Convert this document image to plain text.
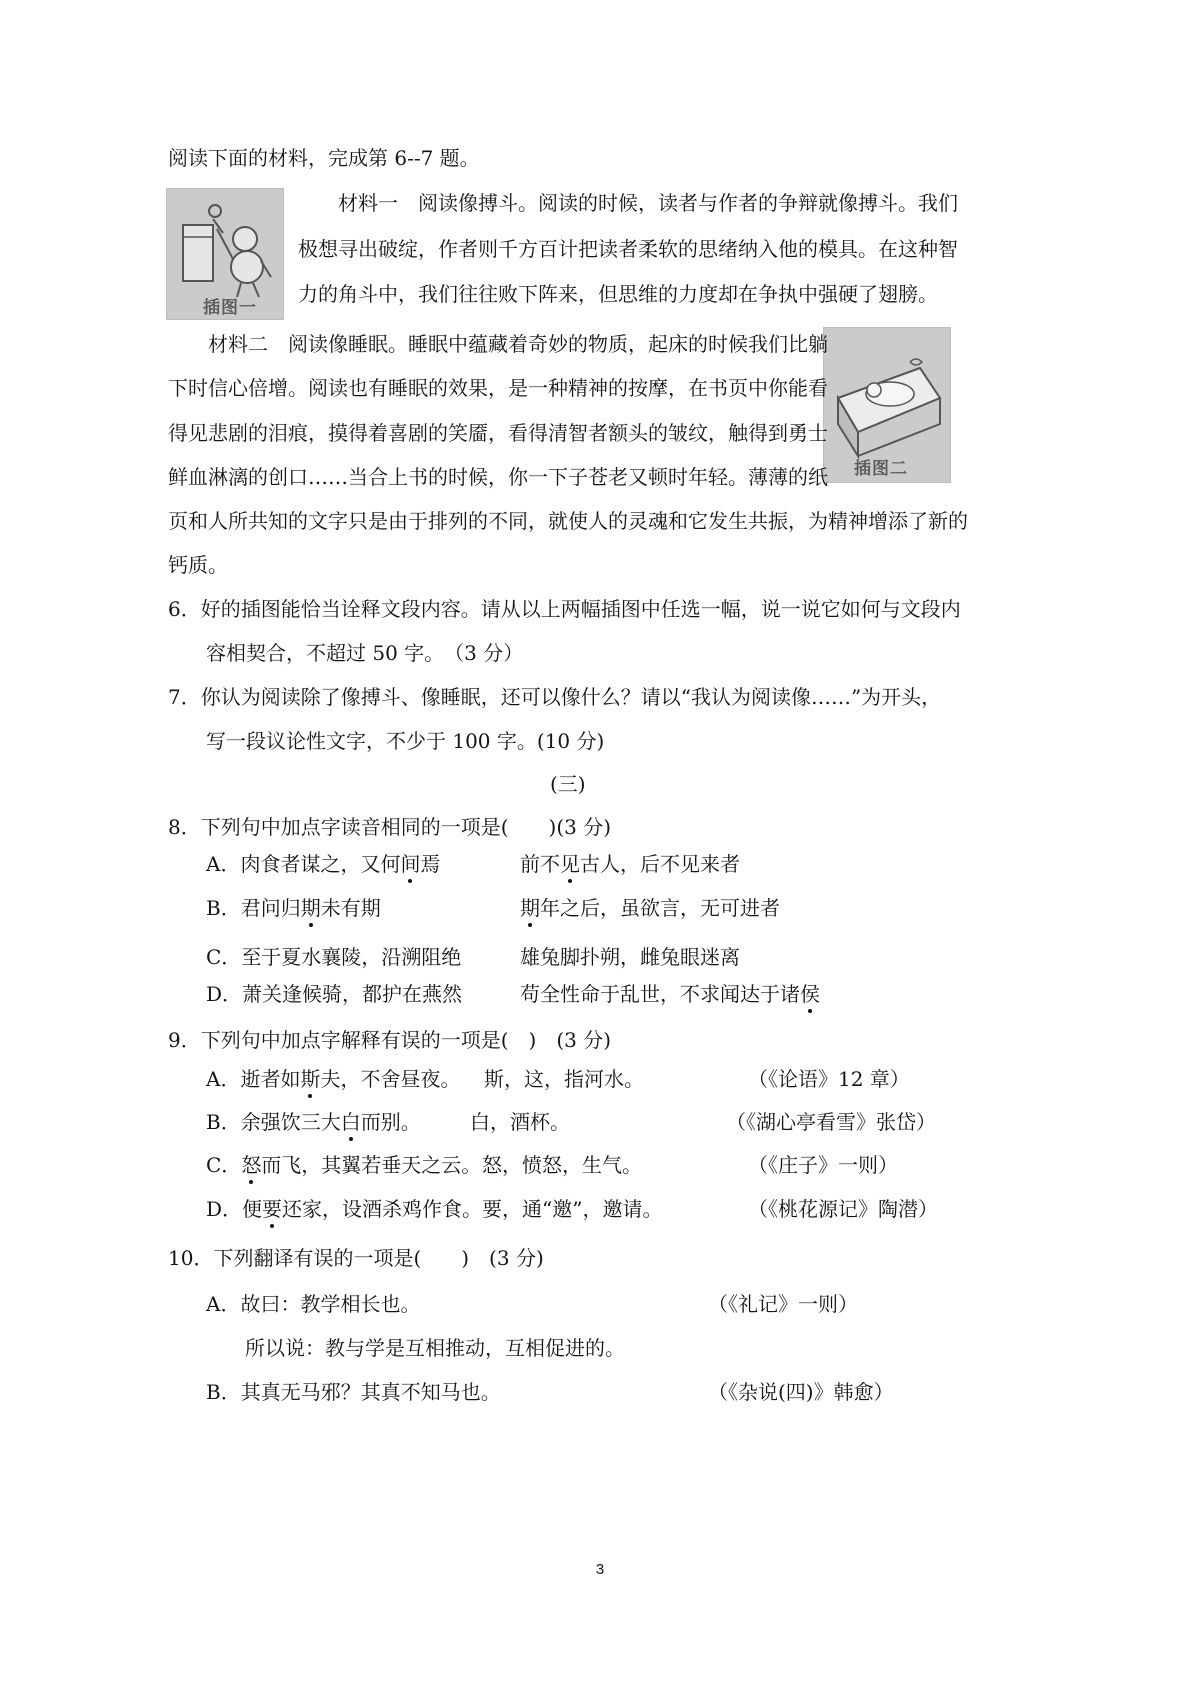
阅读下面的材料，完成第 6--7 题。
插图一
材料一　阅读像搏斗。阅读的时候，读者与作者的争辩就像搏斗。我们
极想寻出破绽，作者则千方百计把读者柔软的思绪纳入他的模具。在这种智
力的角斗中，我们往往败下阵来，但思维的力度却在争执中强硬了翅膀。
插图二
材料二　阅读像睡眠。睡眠中蕴藏着奇妙的物质，起床的时候我们比躺
下时信心倍增。阅读也有睡眠的效果，是一种精神的按摩，在书页中你能看
得见悲剧的泪痕，摸得着喜剧的笑靥，看得清智者额头的皱纹，触得到勇士
鲜血淋漓的创口……当合上书的时候，你一下子苍老又顿时年轻。薄薄的纸
页和人所共知的文字只是由于排列的不同，就使人的灵魂和它发生共振，为精神增添了新的
钙质。
6．好的插图能恰当诠释文段内容。请从以上两幅插图中任选一幅，说一说它如何与文段内
容相契合，不超过 50 字。　（3 分）
7．你认为阅读除了像搏斗、像睡眠，还可以像什么？请以“我认为阅读像……”为开头，
写一段议论性文字，不少于 100 字。(10 分)
(三)
8．下列句中加点字读音相同的一项是(　　)(3 分)
A．肉食者谋之，又何间焉	前不见古人，后不见来者
B．君问归期未有期	期年之后，虽欲言，无可进者
C．至于夏水襄陵，沿溯阻绝	雄兔脚扑朔，雌兔眼迷离
D．萧关逢候骑，都护在燕然	苟全性命于乱世，不求闻达于诸侯
9．下列句中加点字解释有误的一项是(　)　(3 分)
A．逝者如斯夫，不舍昼夜。 斯，这，指河水。	（《论语》12 章）
B．余强饮三大白而别。 白，酒杯。	（《湖心亭看雪》张岱）
C．怒而飞，其翼若垂天之云。 怒，愤怒，生气。	（《庄子》一则）
D．便要还家，设酒杀鸡作食。 要，通“邀”，邀请。	（《桃花源记》陶潜）
10．下列翻译有误的一项是(　　)　(3 分)
A．故曰：教学相长也。	（《礼记》一则）
所以说：教与学是互相推动，互相促进的。
B．其真无马邪？其真不知马也。	（《杂说(四)》韩愈）
3
